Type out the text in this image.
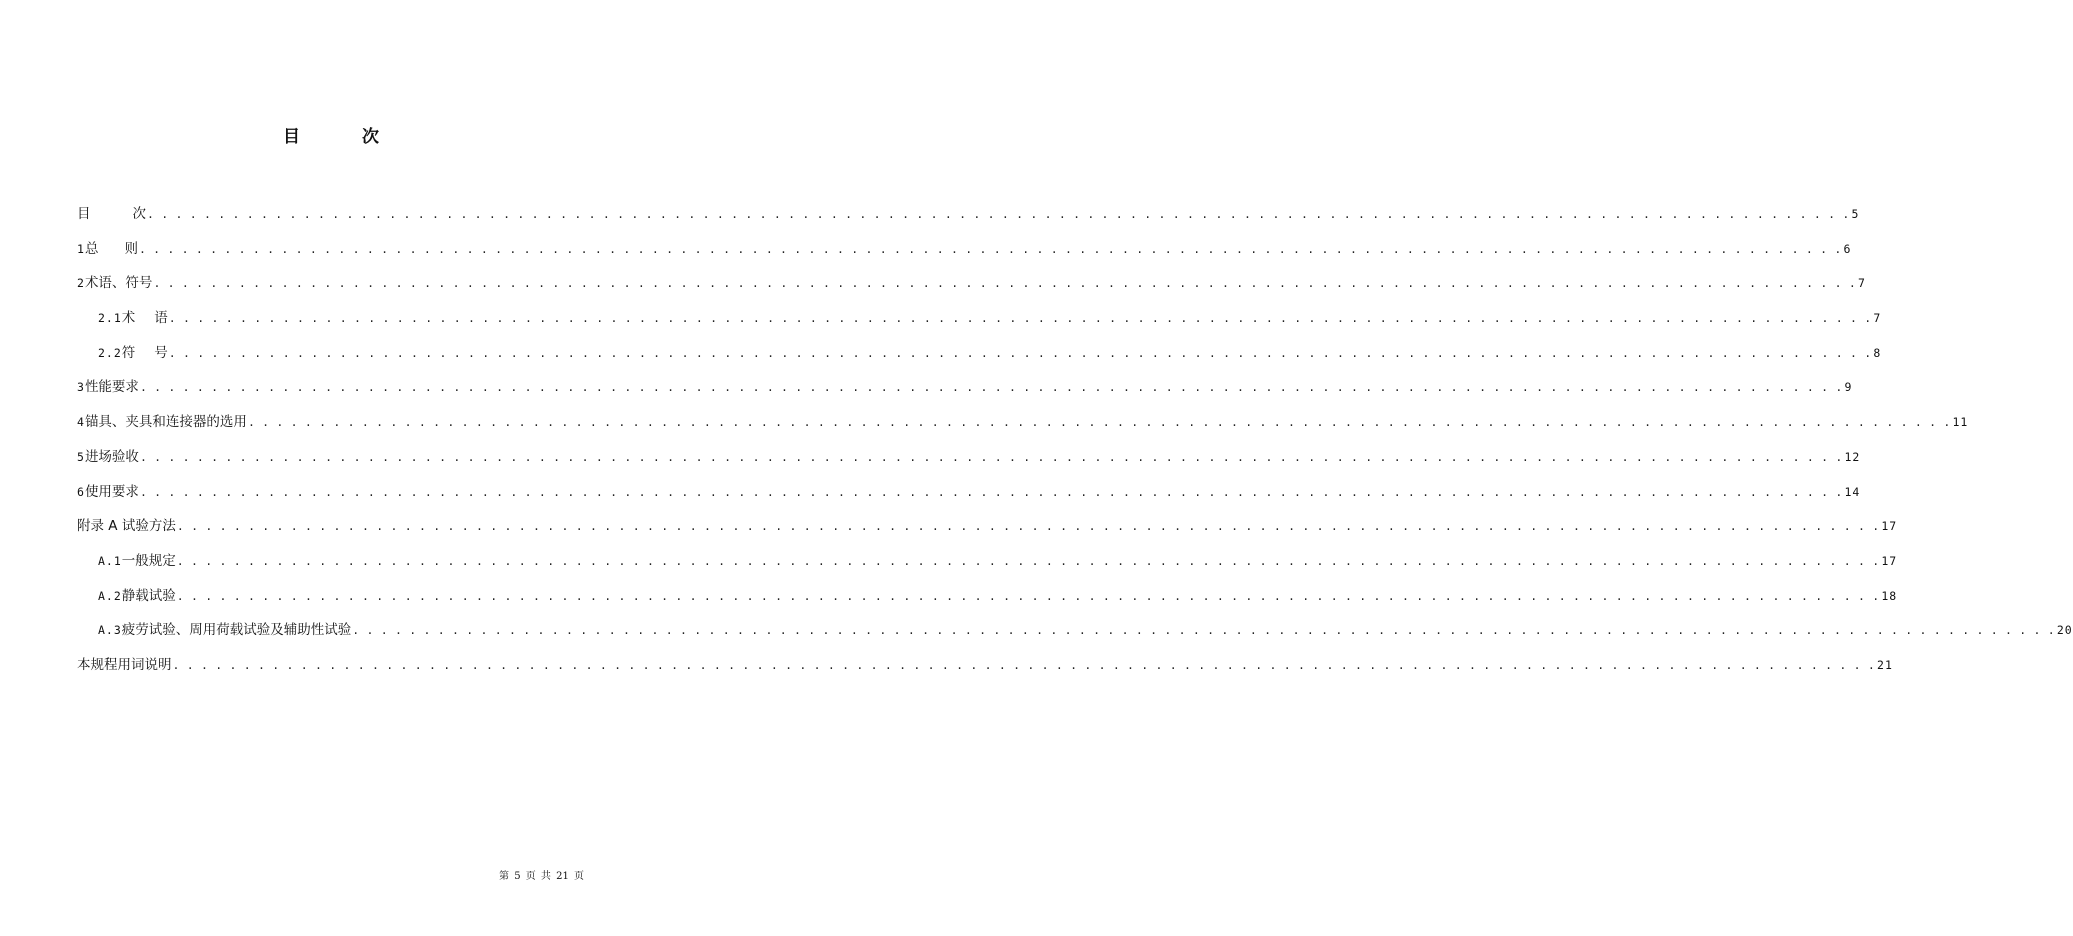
目	次
目	次 . . . . . . . . . . . . . . . . . . . . . . . . . . . . . . . . . . . . . . . . . . . . . . . . . . . . . . . . . . . . . . . . . . . . . . . . . . . . . . . . . . . . . . . . . . . . . . . . . . . . . . . . . . . . . . . . . . . . . . . . 5
1 总 则 . . . . . . . . . . . . . . . . . . . . . . . . . . . . . . . . . . . . . . . . . . . . . . . . . . . . . . . . . . . . . . . . . . . . . . . . . . . . . . . . . . . . . . . . . . . . . . . . . . . . . . . . . . . . . . . . . . . . . . . . 6
2 术语、符号 . . . . . . . . . . . . . . . . . . . . . . . . . . . . . . . . . . . . . . . . . . . . . . . . . . . . . . . . . . . . . . . . . . . . . . . . . . . . . . . . . . . . . . . . . . . . . . . . . . . . . . . . . . . . . . . . . . . . . . . . 7
2.1 术 语 . . . . . . . . . . . . . . . . . . . . . . . . . . . . . . . . . . . . . . . . . . . . . . . . . . . . . . . . . . . . . . . . . . . . . . . . . . . . . . . . . . . . . . . . . . . . . . . . . . . . . . . . . . . . . . . . . . . . . . . . 7
2.2 符 号 . . . . . . . . . . . . . . . . . . . . . . . . . . . . . . . . . . . . . . . . . . . . . . . . . . . . . . . . . . . . . . . . . . . . . . . . . . . . . . . . . . . . . . . . . . . . . . . . . . . . . . . . . . . . . . . . . . . . . . . . 8
3 性能要求 . . . . . . . . . . . . . . . . . . . . . . . . . . . . . . . . . . . . . . . . . . . . . . . . . . . . . . . . . . . . . . . . . . . . . . . . . . . . . . . . . . . . . . . . . . . . . . . . . . . . . . . . . . . . . . . . . . . . . . . . 9
4 锚具、夹具和连接器的选用 . . . . . . . . . . . . . . . . . . . . . . . . . . . . . . . . . . . . . . . . . . . . . . . . . . . . . . . . . . . . . . . . . . . . . . . . . . . . . . . . . . . . . . . . . . . . . . . . . . . . . . . . . . . . . . . . . . . . . . . . 11
5 进场验收 . . . . . . . . . . . . . . . . . . . . . . . . . . . . . . . . . . . . . . . . . . . . . . . . . . . . . . . . . . . . . . . . . . . . . . . . . . . . . . . . . . . . . . . . . . . . . . . . . . . . . . . . . . . . . . . . . . . . . . . . 12
6 使用要求 . . . . . . . . . . . . . . . . . . . . . . . . . . . . . . . . . . . . . . . . . . . . . . . . . . . . . . . . . . . . . . . . . . . . . . . . . . . . . . . . . . . . . . . . . . . . . . . . . . . . . . . . . . . . . . . . . . . . . . . . 14
附录 A 试验方法 . . . . . . . . . . . . . . . . . . . . . . . . . . . . . . . . . . . . . . . . . . . . . . . . . . . . . . . . . . . . . . . . . . . . . . . . . . . . . . . . . . . . . . . . . . . . . . . . . . . . . . . . . . . . . . . . . . . . . . . . 17
A.1 一般规定 . . . . . . . . . . . . . . . . . . . . . . . . . . . . . . . . . . . . . . . . . . . . . . . . . . . . . . . . . . . . . . . . . . . . . . . . . . . . . . . . . . . . . . . . . . . . . . . . . . . . . . . . . . . . . . . . . . . . . . . . 17
A.2 静载试验 . . . . . . . . . . . . . . . . . . . . . . . . . . . . . . . . . . . . . . . . . . . . . . . . . . . . . . . . . . . . . . . . . . . . . . . . . . . . . . . . . . . . . . . . . . . . . . . . . . . . . . . . . . . . . . . . . . . . . . . . 18
A.3 疲劳试验、周用荷载试验及辅助性试验 . . . . . . . . . . . . . . . . . . . . . . . . . . . . . . . . . . . . . . . . . . . . . . . . . . . . . . . . . . . . . . . . . . . . . . . . . . . . . . . . . . . . . . . . . . . . . . . . . . . . . . . . . . . . . . . . . . . . . . . . 20
本规程用词说明 . . . . . . . . . . . . . . . . . . . . . . . . . . . . . . . . . . . . . . . . . . . . . . . . . . . . . . . . . . . . . . . . . . . . . . . . . . . . . . . . . . . . . . . . . . . . . . . . . . . . . . . . . . . . . . . . . . . . . . . . 21
第 5 页 共 21 页
